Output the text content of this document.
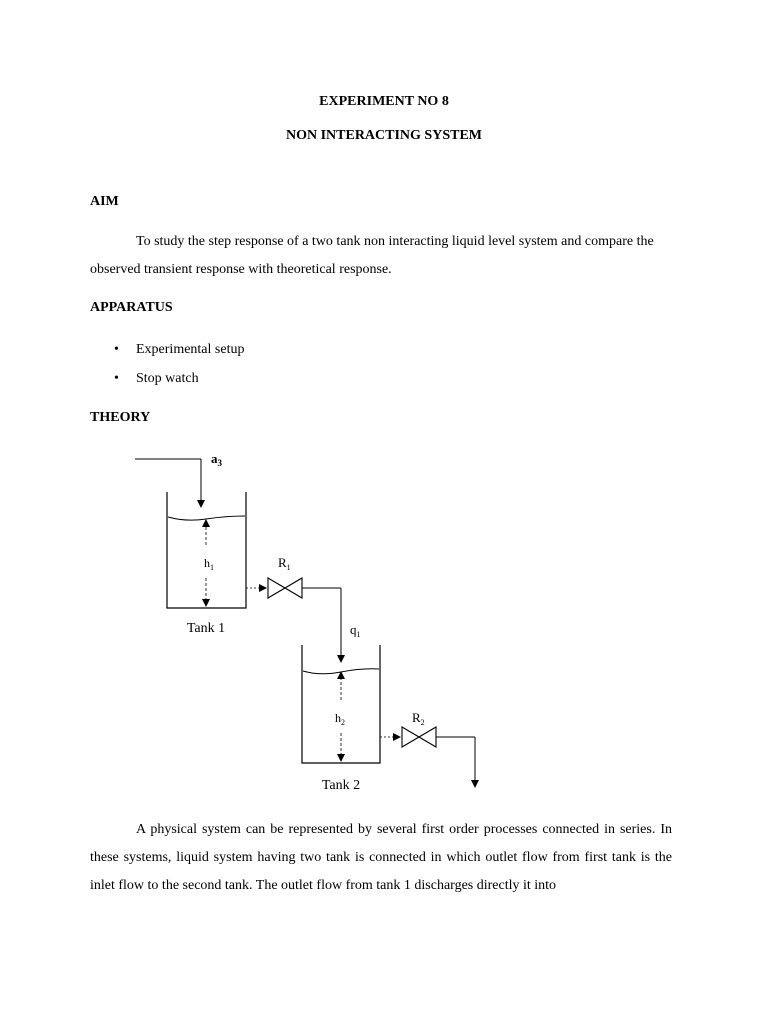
EXPERIMENT NO 8
NON INTERACTING SYSTEM
AIM

To study the step response of a two tank non interacting liquid level system and compare the observed transient response with theoretical response.

APPARATUS
• Experimental setup
• Stop watch
THEORY
$a_3$
$h_1$
Tank 1
$R_1$
$q_1$
$h_2$
Tank 2
$R_2$

A physical system can be represented by several first order processes connected in series. In these systems, liquid system having two tank is connected in which outlet flow from first tank is the inlet flow to the second tank. The outlet flow from tank 1 discharges directly it into
